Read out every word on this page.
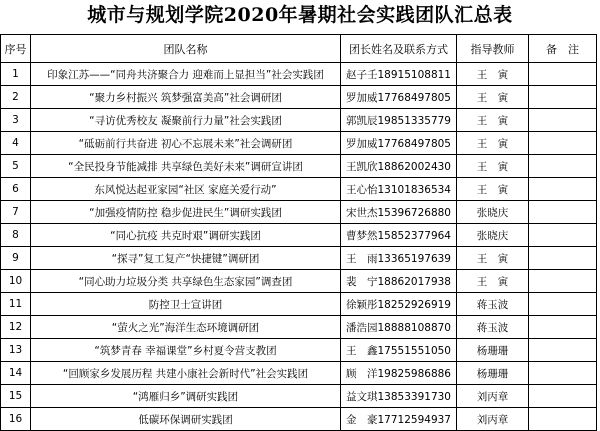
城市与规划学院2020年暑期社会实践团队汇总表
序号	团队名称	团长姓名及联系方式	指导教师	备　注
1	印象江苏——“同舟共济聚合力 迎难而上显担当”社会实践团	赵子壬18915108811	王　寅	
2	“聚力乡村振兴 筑梦强富美高”社会调研团	罗加威17768497805	王　寅	
3	“寻访优秀校友 凝聚前行力量”社会实践团	郭凯辰19851335779	王　寅	
4	“砥砺前行共奋进 初心不忘展未来”社会调研团	罗加威17768497805	王　寅	
5	“全民投身节能减排 共享绿色美好未来”调研宣讲团	王凯欣18862002430	王　寅	
6	东风悦达起亚家园“社区 家庭关爱行动”	王心怡13101836534	王　寅	
7	“加强疫情防控 稳步促进民生”调研实践团	宋世杰15396726880	张晓庆	
8	“同心抗疫 共克时艰”调研实践团	曹梦然15852377964	张晓庆	
9	“探寻”复工复产“快捷键”调研团	王　雨13365197639	王　寅	
10	“同心助力垃圾分类 共享绿色生态家园”调查团	裴　宁18862017938	王　寅	
11	防控卫士宣讲团	徐颖彤18252926919	蒋玉波	
12	“萤火之光”海洋生态环境调研团	潘浩园18888108870	蒋玉波	
13	“筑梦青春 幸福课堂”乡村夏令营支教团	王　鑫17551551050	杨珊珊	
14	“回顾家乡发展历程 共建小康社会新时代”社会实践团	顾　洋19825986886	杨珊珊	
15	“鸿雁归乡”调研实践团	益文琪13853391730	刘丙章	
16	低碳环保调研实践团	金　豪17712594937	刘丙章	
